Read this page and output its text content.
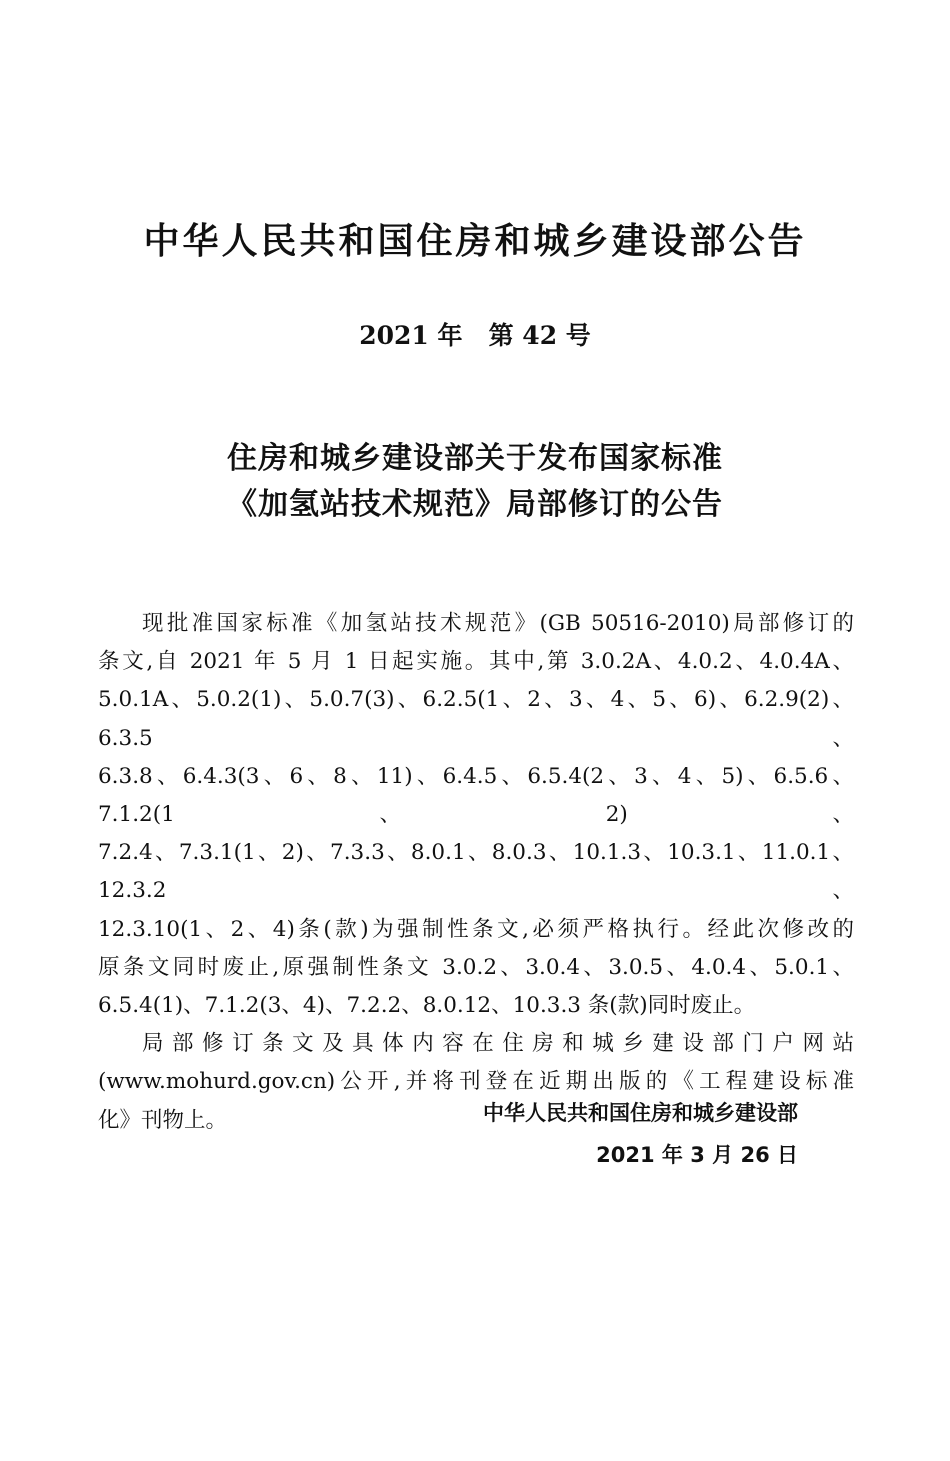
中华人民共和国住房和城乡建设部公告
2021 年   第 42 号
住房和城乡建设部关于发布国家标准
《加氢站技术规范》局部修订的公告

现批准国家标准《加氢站技术规范》(GB 50516-2010)局部修订的

条文,自 2021 年 5 月 1 日起实施。其中,第 3.0.2A、4.0.2、4.0.4A、

5.0.1A、5.0.2(1)、5.0.7(3)、6.2.5(1、2、3、4、5、6)、6.2.9(2)、6.3.5、

6.3.8、6.4.3(3、6、8、11)、6.4.5、6.5.4(2、3、4、5)、6.5.6、7.1.2(1、2)、

7.2.4、7.3.1(1、2)、7.3.3、8.0.1、8.0.3、10.1.3、10.3.1、11.0.1、12.3.2、

12.3.10(1、2、4)条(款)为强制性条文,必须严格执行。经此次修改的

原条文同时废止,原强制性条文 3.0.2、3.0.4、3.0.5、4.0.4、5.0.1、

6.5.4(1)、7.1.2(3、4)、7.2.2、8.0.12、10.3.3 条(款)同时废止。

局部修订条文及具体内容在住房和城乡建设部门户网站

(www.mohurd.gov.cn)公开,并将刊登在近期出版的《工程建设标准

化》刊物上。	中华人民共和国住房和城乡建设部
2021 年 3 月 26 日
